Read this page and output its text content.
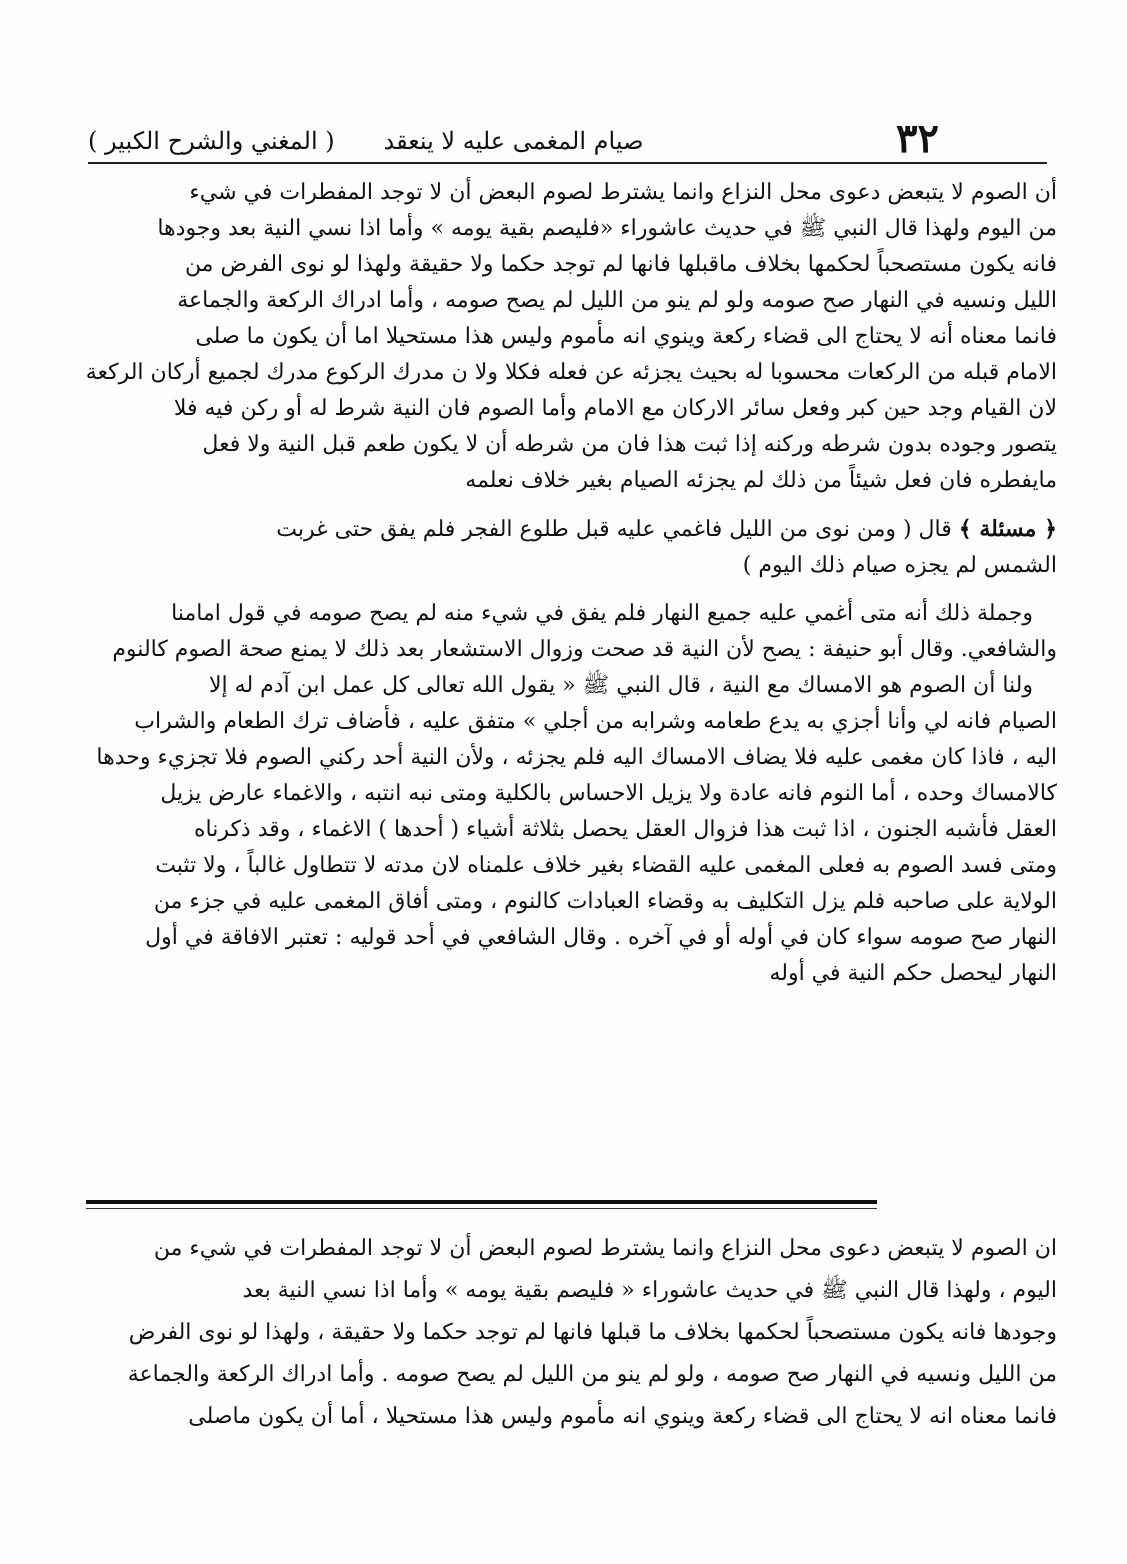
٣٢
صيام المغمى عليه لا ينعقد
( المغني والشرح الكبير )
أن الصوم لا يتبعض دعوى محل النزاع وانما يشترط لصوم البعض أن لا توجد المفطرات في شيء
من اليوم ولهذا قال النبي ﷺ في حديث عاشوراء «فليصم بقية يومه » وأما اذا نسي النية بعد وجودها
فانه يكون مستصحباً لحكمها بخلاف ماقبلها فانها لم توجد حكما ولا حقيقة ولهذا لو نوى الفرض من
الليل ونسيه في النهار صح صومه ولو لم ينو من الليل لم يصح صومه ، وأما ادراك الركعة والجماعة
فانما معناه أنه لا يحتاج الى قضاء ركعة وينوي انه مأموم وليس هذا مستحيلا اما أن يكون ما صلى
الامام قبله من الركعات محسوبا له بحيث يجزئه عن فعله فكلا ولا ن مدرك الركوع مدرك لجميع أركان الركعة
لان القيام وجد حين كبر وفعل سائر الاركان مع الامام وأما الصوم فان النية شرط له أو ركن فيه فلا
يتصور وجوده بدون شرطه وركنه إذا ثبت هذا فان من شرطه أن لا يكون طعم قبل النية ولا فعل
مايفطره فان فعل شيئاً من ذلك لم يجزئه الصيام بغير خلاف نعلمه
﴿ مسئلة ﴾ قال ( ومن نوى من الليل فاغمي عليه قبل طلوع الفجر فلم يفق حتى غربت
الشمس لم يجزه صيام ذلك اليوم )
وجملة ذلك أنه متى أغمي عليه جميع النهار فلم يفق في شيء منه لم يصح صومه في قول امامنا
والشافعي. وقال أبو حنيفة : يصح لأن النية قد صحت وزوال الاستشعار بعد ذلك لا يمنع صحة الصوم كالنوم
ولنا أن الصوم هو الامساك مع النية ، قال النبي ﷺ « يقول الله تعالى كل عمل ابن آدم له إلا
الصيام فانه لي وأنا أجزي به يدع طعامه وشرابه من أجلي » متفق عليه ، فأضاف ترك الطعام والشراب
اليه ، فاذا كان مغمى عليه فلا يضاف الامساك اليه فلم يجزئه ، ولأن النية أحد ركني الصوم فلا تجزيء وحدها
كالامساك وحده ، أما النوم فانه عادة ولا يزيل الاحساس بالكلية ومتى نبه انتبه ، والاغماء عارض يزيل
العقل فأشبه الجنون ، اذا ثبت هذا فزوال العقل يحصل بثلاثة أشياء ( أحدها ) الاغماء ، وقد ذكرناه
ومتى فسد الصوم به فعلى المغمى عليه القضاء بغير خلاف علمناه لان مدته لا تتطاول غالباً ، ولا تثبت
الولاية على صاحبه فلم يزل التكليف به وقضاء العبادات كالنوم ، ومتى أفاق المغمى عليه في جزء من
النهار صح صومه سواء كان في أوله أو في آخره . وقال الشافعي في أحد قوليه : تعتبر الافاقة في أول
النهار ليحصل حكم النية في أوله
ان الصوم لا يتبعض دعوى محل النزاع وانما يشترط لصوم البعض أن لا توجد المفطرات في شيء من
اليوم ، ولهذا قال النبي ﷺ في حديث عاشوراء « فليصم بقية يومه » وأما اذا نسي النية بعد
وجودها فانه يكون مستصحباً لحكمها بخلاف ما قبلها فانها لم توجد حكما ولا حقيقة ، ولهذا لو نوى الفرض
من الليل ونسيه في النهار صح صومه ، ولو لم ينو من الليل لم يصح صومه . وأما ادراك الركعة والجماعة
فانما معناه انه لا يحتاج الى قضاء ركعة وينوي انه مأموم وليس هذا مستحيلا ، أما أن يكون ماصلى
